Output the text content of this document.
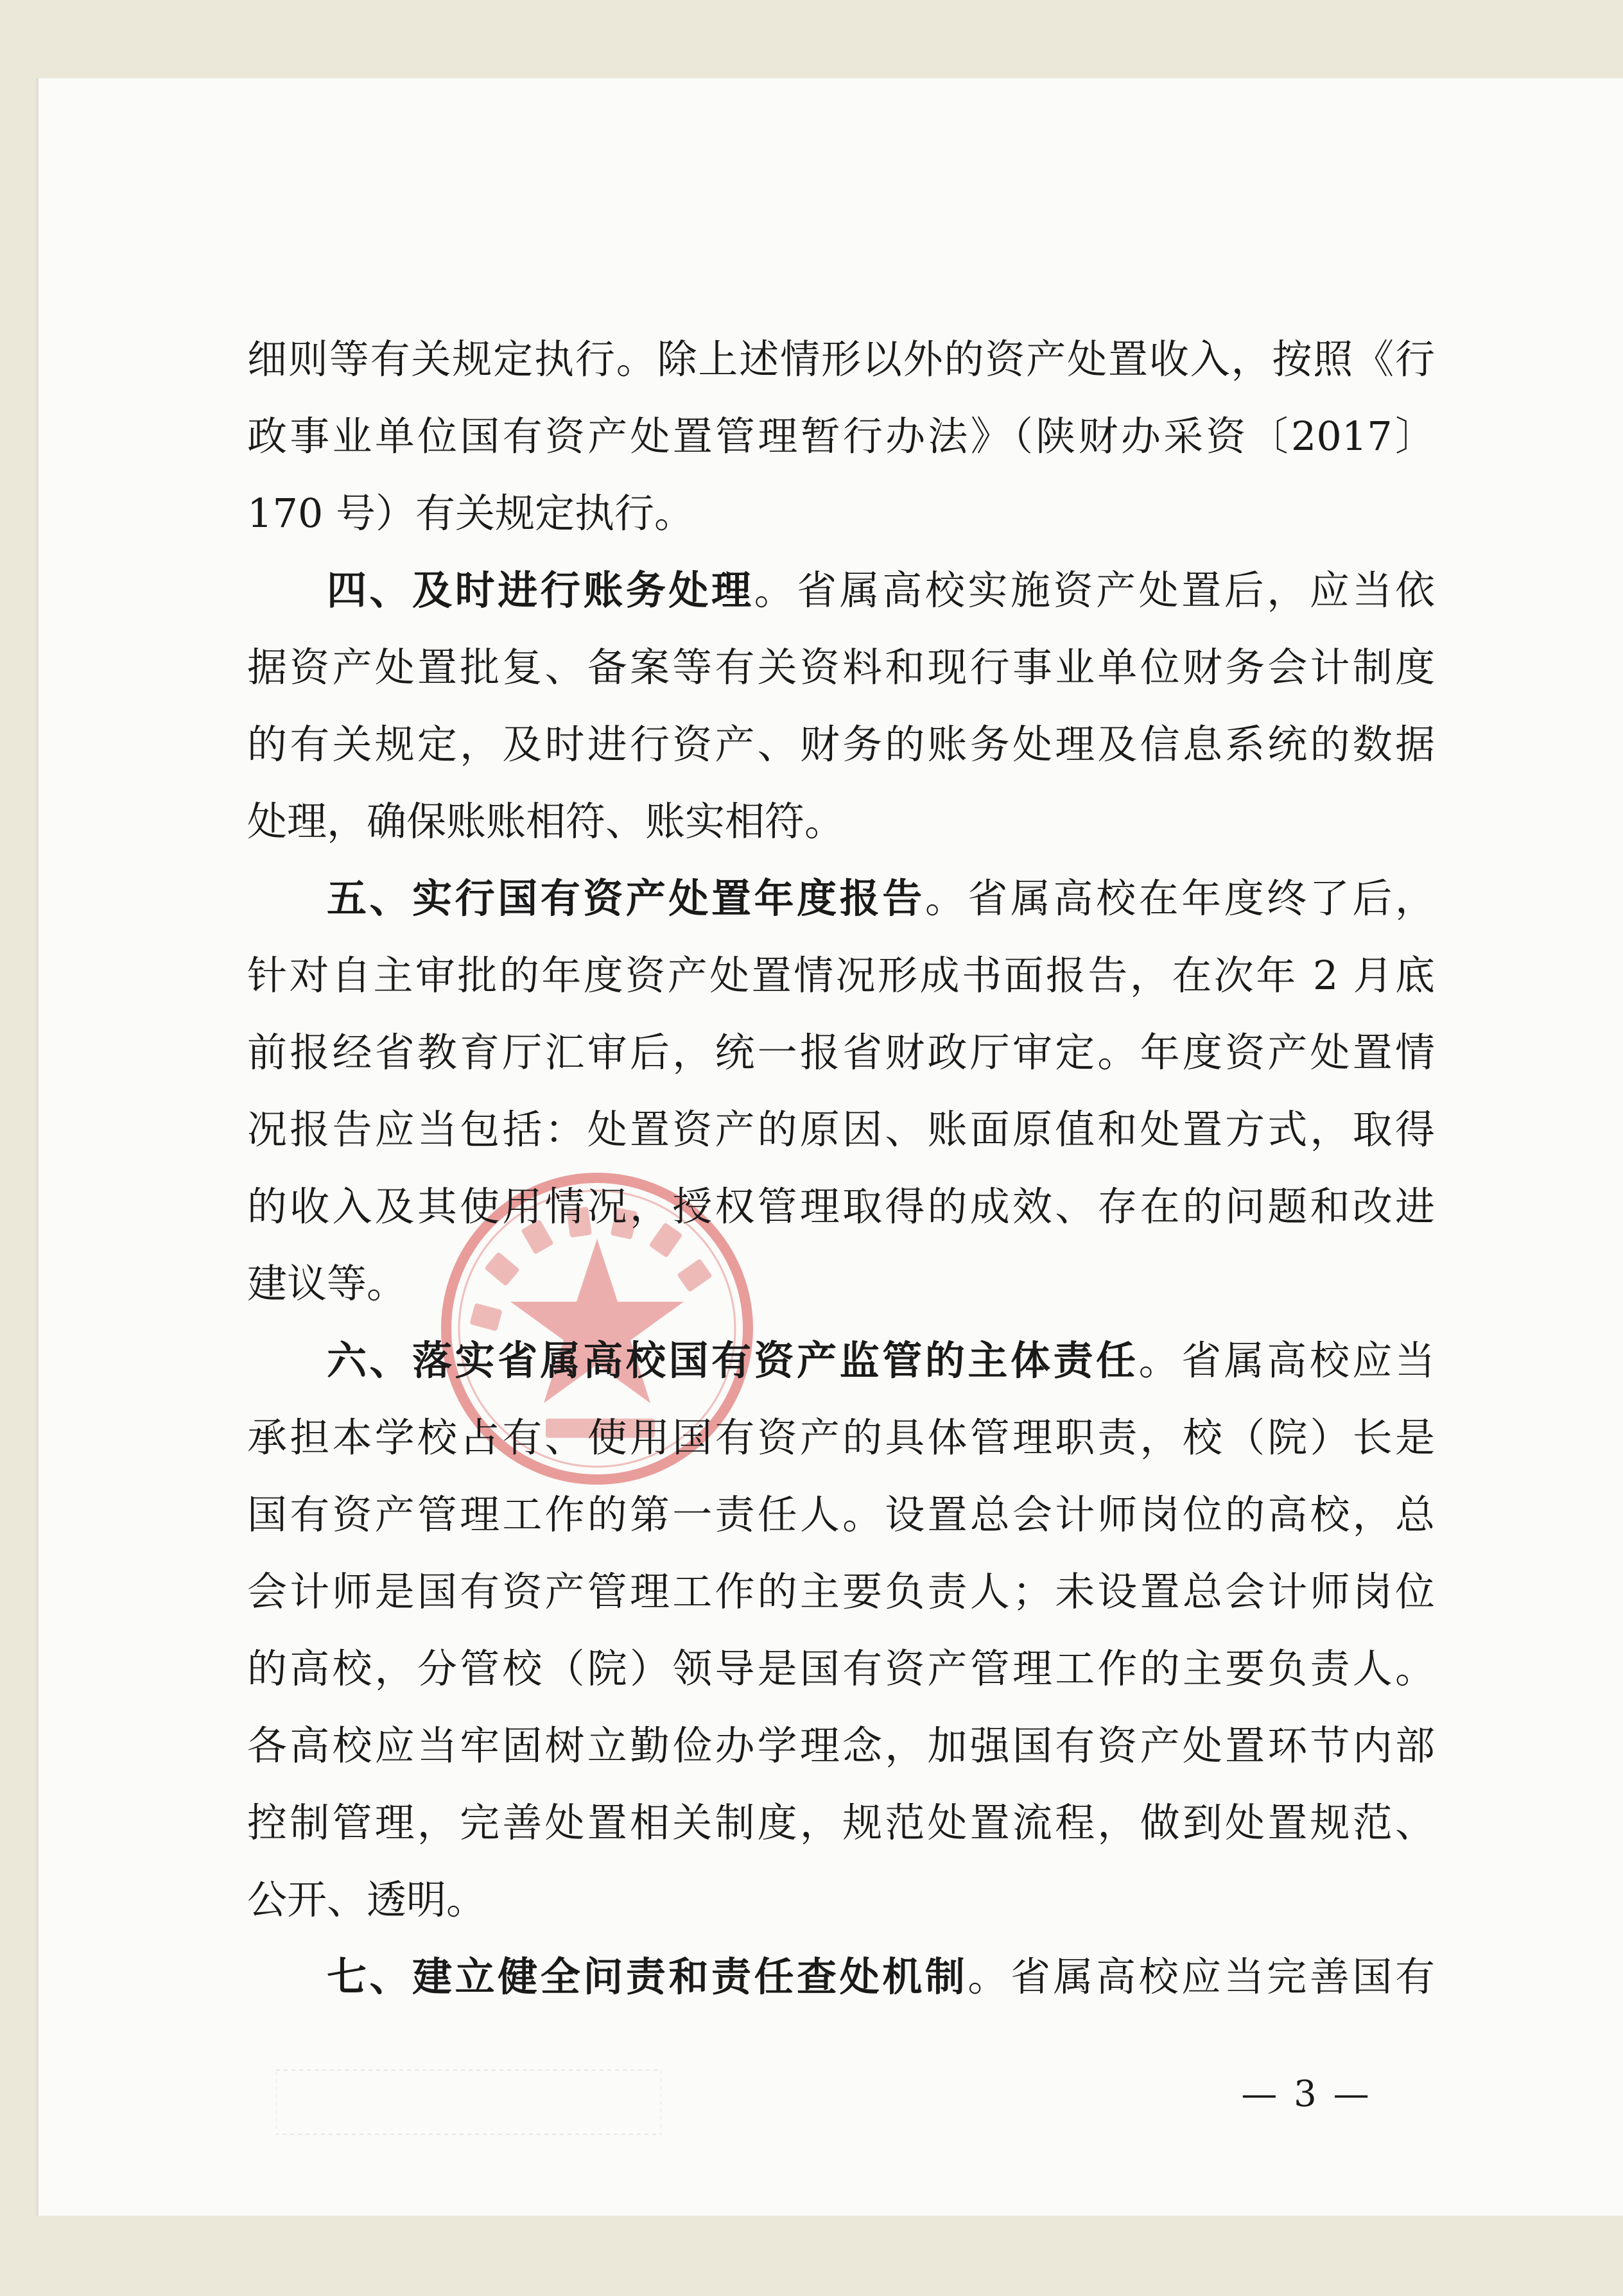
细则等有关规定执行。除上述情形以外的资产处置收入，按照《行
政事业单位国有资产处置管理暂行办法》（陕财办采资〔2017〕
170 号）有关规定执行。
四、及时进行账务处理。省属高校实施资产处置后，应当依
据资产处置批复、备案等有关资料和现行事业单位财务会计制度
的有关规定，及时进行资产、财务的账务处理及信息系统的数据
处理，确保账账相符、账实相符。
五、实行国有资产处置年度报告。省属高校在年度终了后，
针对自主审批的年度资产处置情况形成书面报告，在次年 2 月底
前报经省教育厅汇审后，统一报省财政厅审定。年度资产处置情
况报告应当包括：处置资产的原因、账面原值和处置方式，取得
的收入及其使用情况，授权管理取得的成效、存在的问题和改进
建议等。
六、落实省属高校国有资产监管的主体责任。省属高校应当
承担本学校占有、使用国有资产的具体管理职责，校（院）长是
国有资产管理工作的第一责任人。设置总会计师岗位的高校，总
会计师是国有资产管理工作的主要负责人；未设置总会计师岗位
的高校，分管校（院）领导是国有资产管理工作的主要负责人。
各高校应当牢固树立勤俭办学理念，加强国有资产处置环节内部
控制管理，完善处置相关制度，规范处置流程，做到处置规范、
公开、透明。
七、建立健全问责和责任查处机制。省属高校应当完善国有
— 3 —
